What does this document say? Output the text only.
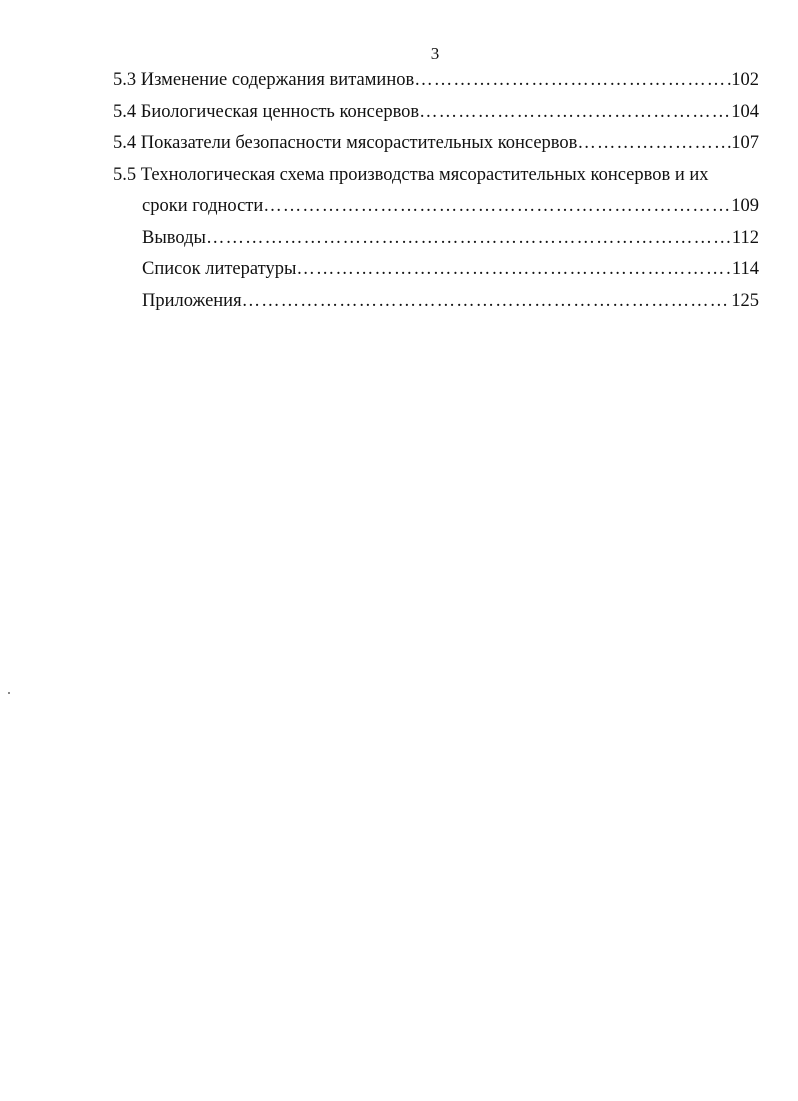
3
5.3 Изменение содержания витаминов …………………………………………………………………………………………………………………………………	102
5.4 Биологическая ценность консервов …………………………………………………………………………………………………………………………………	104
5.4 Показатели безопасности мясорастительных консервов …………………………………………………………………………………………………………………………………	107
5.5 Технологическая схема производства мясорастительных консервов и их
сроки годности …………………………………………………………………………………………………………………………………	109
Выводы …………………………………………………………………………………………………………………………………	112
Список литературы …………………………………………………………………………………………………………………………………	114
Приложения …………………………………………………………………………………………………………………………………	125
